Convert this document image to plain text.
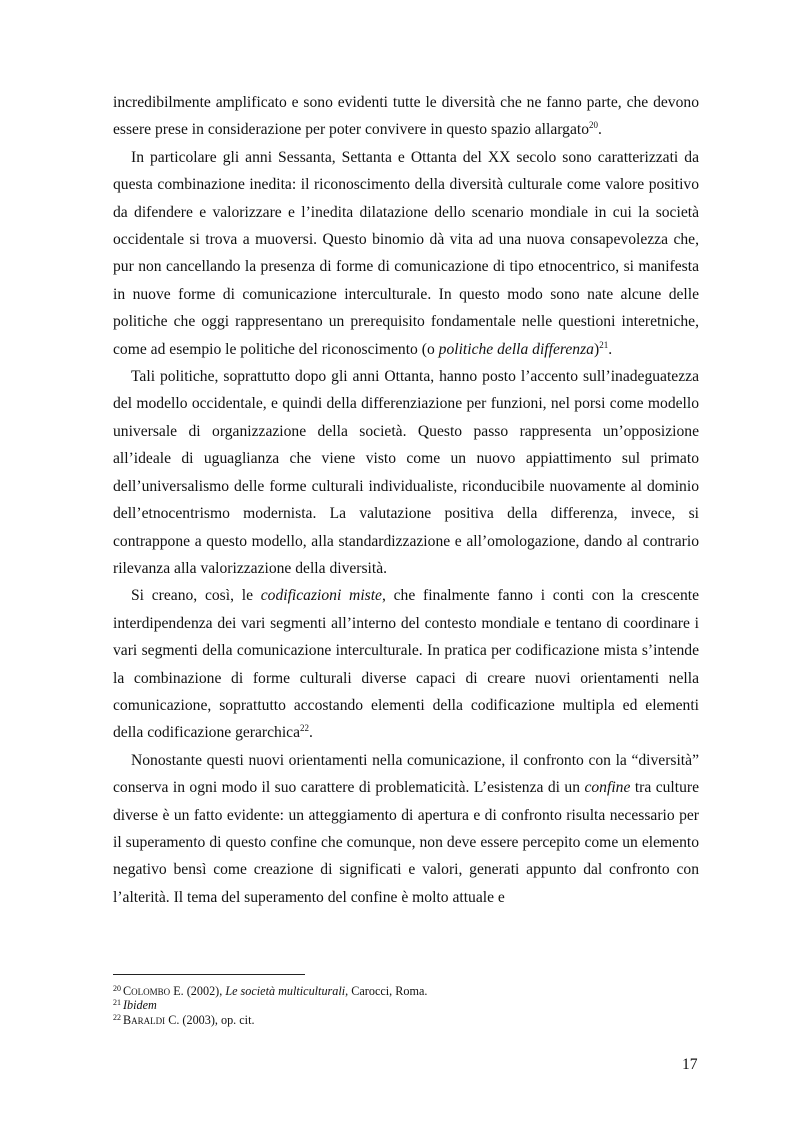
incredibilmente amplificato e sono evidenti tutte le diversità che ne fanno parte, che devono essere prese in considerazione per poter convivere in questo spazio allargato$^{20}$.

In particolare gli anni Sessanta, Settanta e Ottanta del XX secolo sono caratterizzati da questa combinazione inedita: il riconoscimento della diversità culturale come valore positivo da difendere e valorizzare e l’inedita dilatazione dello scenario mondiale in cui la società occidentale si trova a muoversi. Questo binomio dà vita ad una nuova consapevolezza che, pur non cancellando la presenza di forme di comunicazione di tipo etnocentrico, si manifesta in nuove forme di comunicazione interculturale. In questo modo sono nate alcune delle politiche che oggi rappresentano un prerequisito fondamentale nelle questioni interetniche, come ad esempio le politiche del riconoscimento (o politiche della differenza)$^{21}$.

Tali politiche, soprattutto dopo gli anni Ottanta, hanno posto l’accento sull’inadeguatezza del modello occidentale, e quindi della differenziazione per funzioni, nel porsi come modello universale di organizzazione della società. Questo passo rappresenta un’opposizione all’ideale di uguaglianza che viene visto come un nuovo appiattimento sul primato dell’universalismo delle forme culturali individualiste, riconducibile nuovamente al dominio dell’etnocentrismo modernista. La valutazione positiva della differenza, invece, si contrappone a questo modello, alla standardizzazione e all’omologazione, dando al contrario rilevanza alla valorizzazione della diversità.

Si creano, così, le codificazioni miste, che finalmente fanno i conti con la crescente interdipendenza dei vari segmenti all’interno del contesto mondiale e tentano di coordinare i vari segmenti della comunicazione interculturale. In pratica per codificazione mista s’intende la combinazione di forme culturali diverse capaci di creare nuovi orientamenti nella comunicazione, soprattutto accostando elementi della codificazione multipla ed elementi della codificazione gerarchica$^{22}$.

Nonostante questi nuovi orientamenti nella comunicazione, il confronto con la “diversità” conserva in ogni modo il suo carattere di problematicità. L’esistenza di un confine tra culture diverse è un fatto evidente: un atteggiamento di apertura e di confronto risulta necessario per il superamento di questo confine che comunque, non deve essere percepito come un elemento negativo bensì come creazione di significati e valori, generati appunto dal confronto con l’alterità. Il tema del superamento del confine è molto attuale e

$^{20}$ Colombo E. (2002), Le società multiculturali, Carocci, Roma.

$^{21}$ Ibidem

$^{22}$ Baraldi C. (2003), op. cit.

17
